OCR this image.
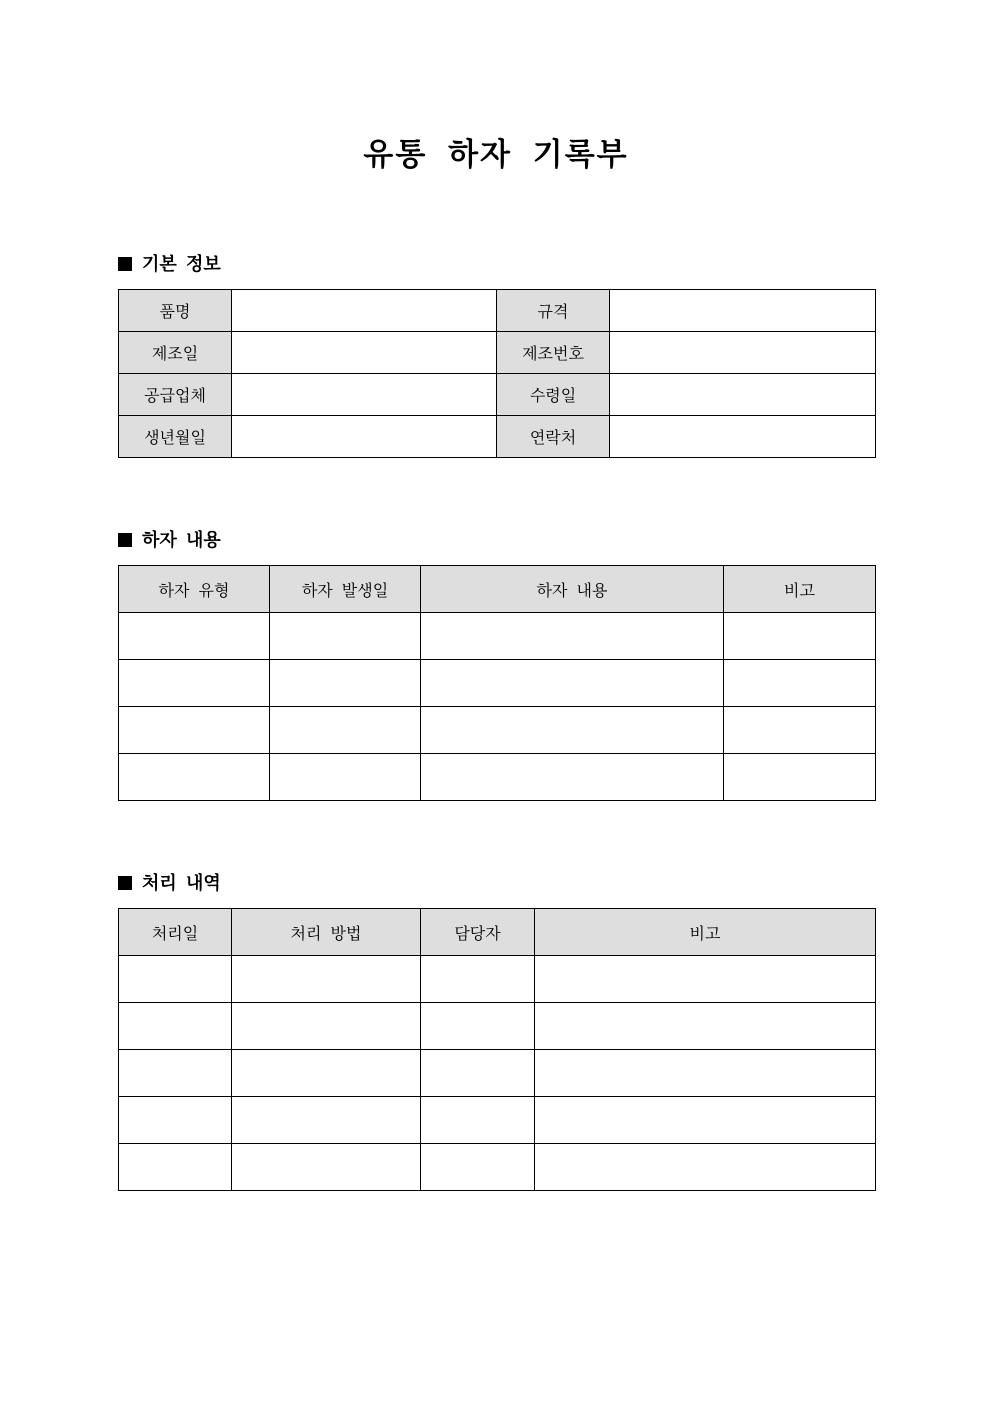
유통 하자 기록부
기본 정보
품명		규격	
제조일		제조번호	
공급업체		수령일	
생년월일		연락처	
하자 내용
하자 유형	하자 발생일	하자 내용	비고

처리 내역
처리일	처리 방법	담당자	비고
